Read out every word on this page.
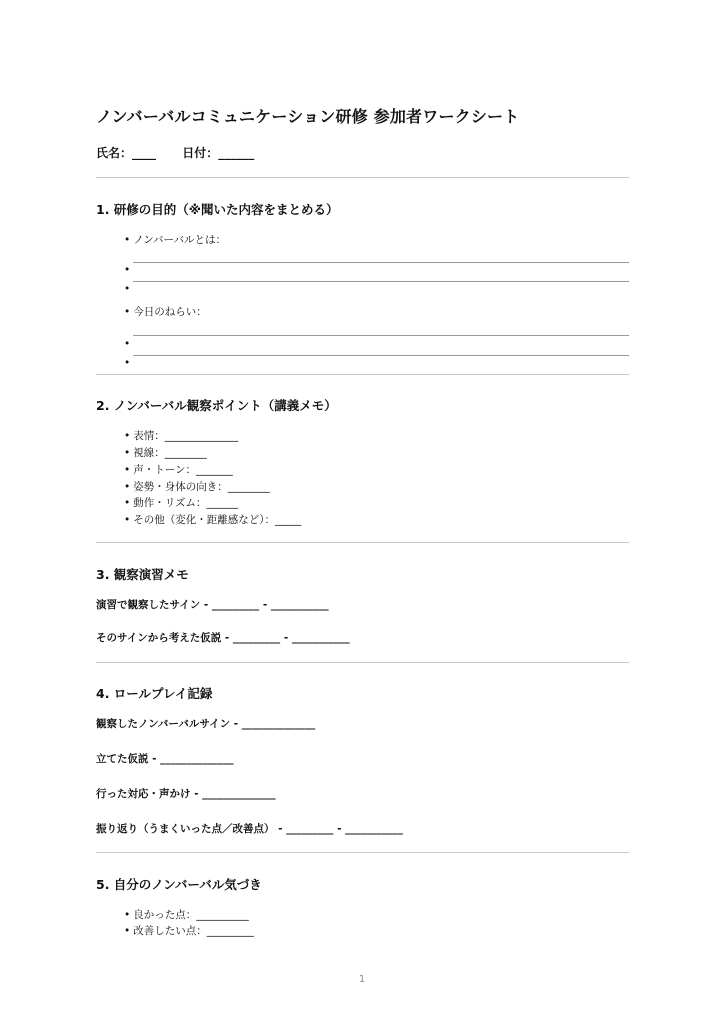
ノンバーバルコミュニケーション研修 参加者ワークシート
氏名：____ 日付：______
1. 研修の目的（※聞いた内容をまとめる）
• ノンバーバルとは：
•
•
• 今日のねらい：
•
•
2. ノンバーバル観察ポイント（講義メモ）
• 表情：______________
• 視線：________
• 声・トーン：_______
• 姿勢・身体の向き：________
• 動作・リズム：______
• その他（変化・距離感など）：_____
3. 観察演習メモ
演習で観察したサイン - _________ - ___________
そのサインから考えた仮説 - _________ - ___________
4. ロールプレイ記録
観察したノンバーバルサイン - ______________
立てた仮説 - ______________
行った対応・声かけ - ______________
振り返り（うまくいった点／改善点） - _________ - ___________
5. 自分のノンバーバル気づき
• 良かった点：__________
• 改善したい点：_________
1
